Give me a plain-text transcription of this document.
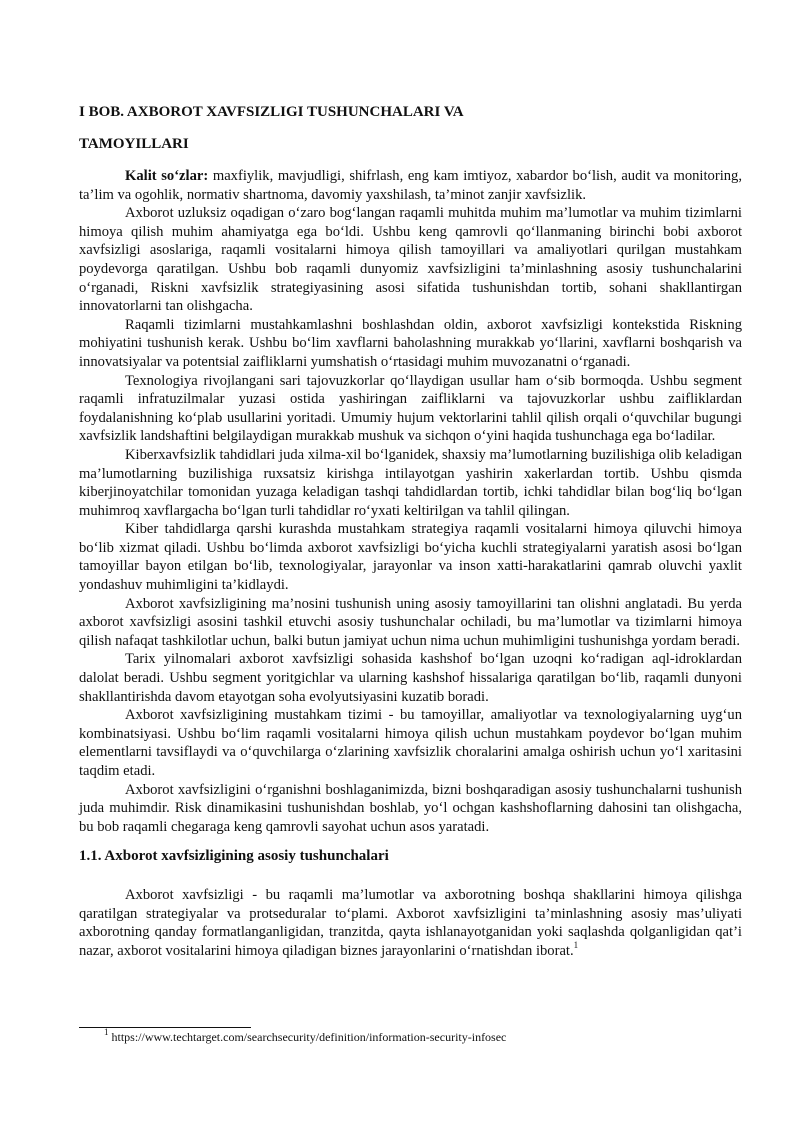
I BOB. AXBOROT XAVFSIZLIGI TUSHUNCHALARI VA
TAMOYILLARI

Kalit so‘zlar: maxfiylik, mavjudligi, shifrlash, eng kam imtiyoz, xabardor bo‘lish, audit va monitoring, ta’lim va ogohlik, normativ shartnoma, davomiy yaxshilash, ta’minot zanjir xavfsizlik.

Axborot uzluksiz oqadigan o‘zaro bog‘langan raqamli muhitda muhim ma’lumotlar va muhim tizimlarni himoya qilish muhim ahamiyatga ega bo‘ldi. Ushbu keng qamrovli qo‘llanmaning birinchi bobi axborot xavfsizligi asoslariga, raqamli vositalarni himoya qilish tamoyillari va amaliyotlari qurilgan mustahkam poydevorga qaratilgan. Ushbu bob raqamli dunyomiz xavfsizligini ta’minlashning asosiy tushunchalarini o‘rganadi, Riskni xavfsizlik strategiyasining asosi sifatida tushunishdan tortib, sohani shakllantirgan innovatorlarni tan olishgacha.

Raqamli tizimlarni mustahkamlashni boshlashdan oldin, axborot xavfsizligi kontekstida Riskning mohiyatini tushunish kerak. Ushbu bo‘lim xavflarni baholashning murakkab yo‘llarini, xavflarni boshqarish va innovatsiyalar va potentsial zaifliklarni yumshatish o‘rtasidagi muhim muvozanatni o‘rganadi.

Texnologiya rivojlangani sari tajovuzkorlar qo‘llaydigan usullar ham o‘sib bormoqda. Ushbu segment raqamli infratuzilmalar yuzasi ostida yashiringan zaifliklarni va tajovuzkorlar ushbu zaifliklardan foydalanishning ko‘plab usullarini yoritadi. Umumiy hujum vektorlarini tahlil qilish orqali o‘quvchilar bugungi xavfsizlik landshaftini belgilaydigan murakkab mushuk va sichqon o‘yini haqida tushunchaga ega bo‘ladilar.

Kiberxavfsizlik tahdidlari juda xilma-xil bo‘lganidek, shaxsiy ma’lumotlarning buzilishiga olib keladigan ma’lumotlarning buzilishiga ruxsatsiz kirishga intilayotgan yashirin xakerlardan tortib. Ushbu qismda kiberjinoyatchilar tomonidan yuzaga keladigan tashqi tahdidlardan tortib, ichki tahdidlar bilan bog‘liq bo‘lgan muhimroq xavflargacha bo‘lgan turli tahdidlar ro‘yxati keltirilgan va tahlil qilingan.

Kiber tahdidlarga qarshi kurashda mustahkam strategiya raqamli vositalarni himoya qiluvchi himoya bo‘lib xizmat qiladi. Ushbu bo‘limda axborot xavfsizligi bo‘yicha kuchli strategiyalarni yaratish asosi bo‘lgan tamoyillar bayon etilgan bo‘lib, texnologiyalar, jarayonlar va inson xatti-harakatlarini qamrab oluvchi yaxlit yondashuv muhimligini ta’kidlaydi.

Axborot xavfsizligining ma’nosini tushunish uning asosiy tamoyillarini tan olishni anglatadi. Bu yerda axborot xavfsizligi asosini tashkil etuvchi asosiy tushunchalar ochiladi, bu ma’lumotlar va tizimlarni himoya qilish nafaqat tashkilotlar uchun, balki butun jamiyat uchun nima uchun muhimligini tushunishga yordam beradi.

Tarix yilnomalari axborot xavfsizligi sohasida kashshof bo‘lgan uzoqni ko‘radigan aql-idroklardan dalolat beradi. Ushbu segment yoritgichlar va ularning kashshof hissalariga qaratilgan bo‘lib, raqamli dunyoni shakllantirishda davom etayotgan soha evolyutsiyasini kuzatib boradi.

Axborot xavfsizligining mustahkam tizimi - bu tamoyillar, amaliyotlar va texnologiyalarning uyg‘un kombinatsiyasi. Ushbu bo‘lim raqamli vositalarni himoya qilish uchun mustahkam poydevor bo‘lgan muhim elementlarni tavsiflaydi va o‘quvchilarga o‘zlarining xavfsizlik choralarini amalga oshirish uchun yo‘l xaritasini taqdim etadi.

Axborot xavfsizligini o‘rganishni boshlaganimizda, bizni boshqaradigan asosiy tushunchalarni tushunish juda muhimdir. Risk dinamikasini tushunishdan boshlab, yo‘l ochgan kashshoflarning dahosini tan olishgacha, bu bob raqamli chegaraga keng qamrovli sayohat uchun asos yaratadi.

1.1. Axborot xavfsizligining asosiy tushunchalari

Axborot xavfsizligi - bu raqamli ma’lumotlar va axborotning boshqa shakllarini himoya qilishga qaratilgan strategiyalar va protseduralar to‘plami. Axborot xavfsizligini ta’minlashning asosiy mas’uliyati axborotning qanday formatlanganligidan, tranzitda, qayta ishlanayotganidan yoki saqlashda qolganligidan qat’i nazar, axborot vositalarini himoya qiladigan biznes jarayonlarini o‘rnatishdan iborat.$^1$

$^1$ https://www.techtarget.com/searchsecurity/definition/information-security-infosec
